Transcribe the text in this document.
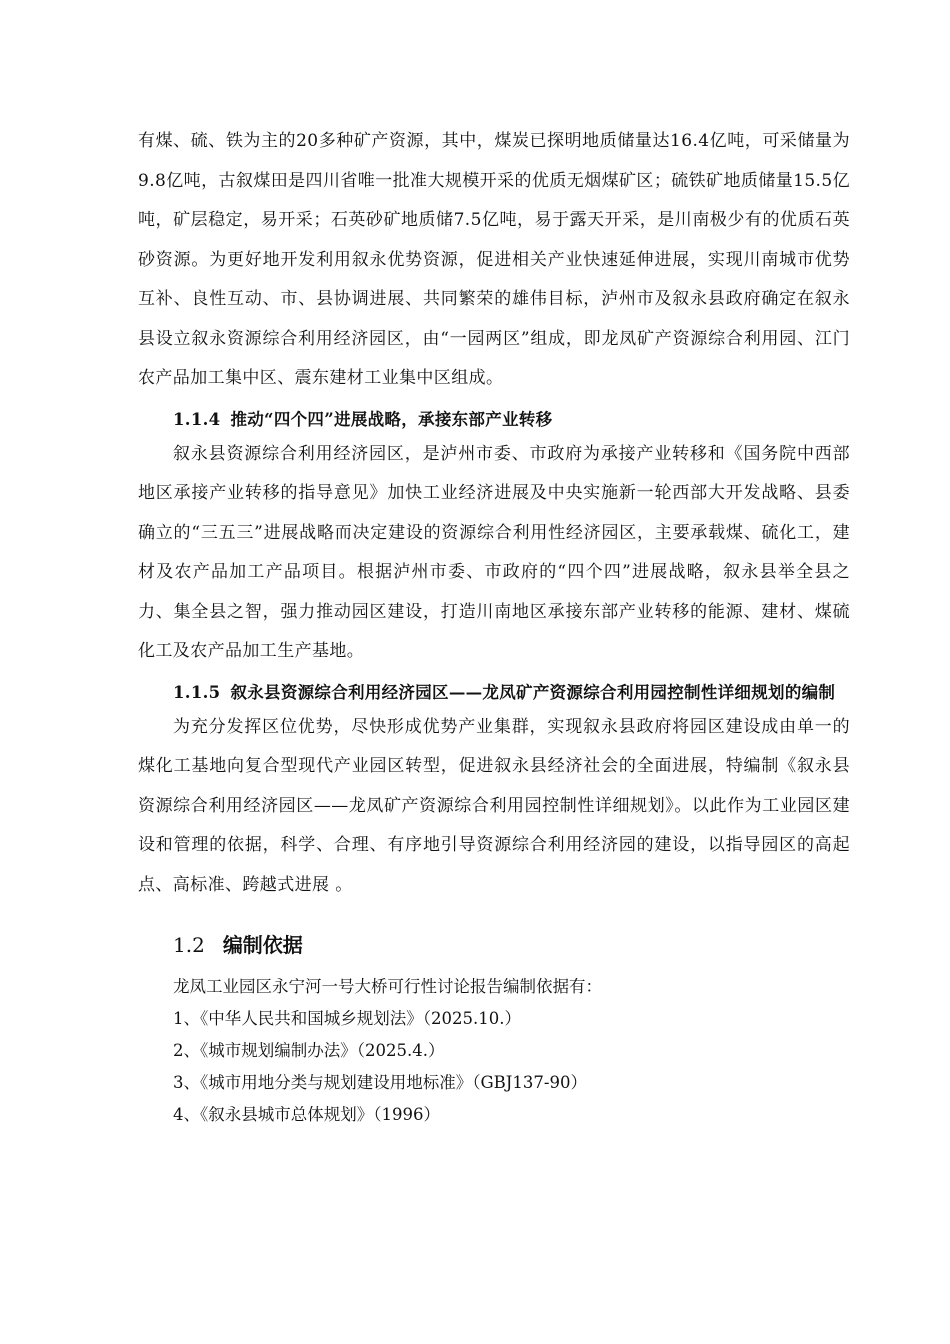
有煤、硫、铁为主的20多种矿产资源，其中，煤炭已探明地质储量达16.4亿吨，可采储量为9.8亿吨，古叙煤田是四川省唯一批准大规模开采的优质无烟煤矿区；硫铁矿地质储量15.5亿吨，矿层稳定，易开采；石英砂矿地质储7.5亿吨，易于露天开采，是川南极少有的优质石英砂资源。为更好地开发利用叙永优势资源，促进相关产业快速延伸进展，实现川南城市优势互补、良性互动、市、县协调进展、共同繁荣的雄伟目标，泸州市及叙永县政府确定在叙永县设立叙永资源综合利用经济园区，由“一园两区”组成，即龙凤矿产资源综合利用园、江门农产品加工集中区、震东建材工业集中区组成。

1.1.4 推动“四个四”进展战略，承接东部产业转移

叙永县资源综合利用经济园区，是泸州市委、市政府为承接产业转移和《国务院中西部地区承接产业转移的指导意见》加快工业经济进展及中央实施新一轮西部大开发战略、县委确立的“三五三”进展战略而决定建设的资源综合利用性经济园区，主要承载煤、硫化工，建材及农产品加工产品项目。根据泸州市委、市政府的“四个四”进展战略，叙永县举全县之力、集全县之智，强力推动园区建设，打造川南地区承接东部产业转移的能源、建材、煤硫化工及农产品加工生产基地。

1.1.5 叙永县资源综合利用经济园区——龙凤矿产资源综合利用园控制性详细规划的编制

为充分发挥区位优势，尽快形成优势产业集群，实现叙永县政府将园区建设成由单一的煤化工基地向复合型现代产业园区转型，促进叙永县经济社会的全面进展，特编制《叙永县资源综合利用经济园区——龙凤矿产资源综合利用园控制性详细规划》。以此作为工业园区建设和管理的依据，科学、合理、有序地引导资源综合利用经济园的建设，以指导园区的高起点、高标准、跨越式进展 。

1.2 编制依据

龙凤工业园区永宁河一号大桥可行性讨论报告编制依据有：
1、《中华人民共和国城乡规划法》（2025.10.）
2、《城市规划编制办法》（2025.4.）
3、《城市用地分类与规划建设用地标准》（GBJ137-90）
4、《叙永县城市总体规划》（1996）
